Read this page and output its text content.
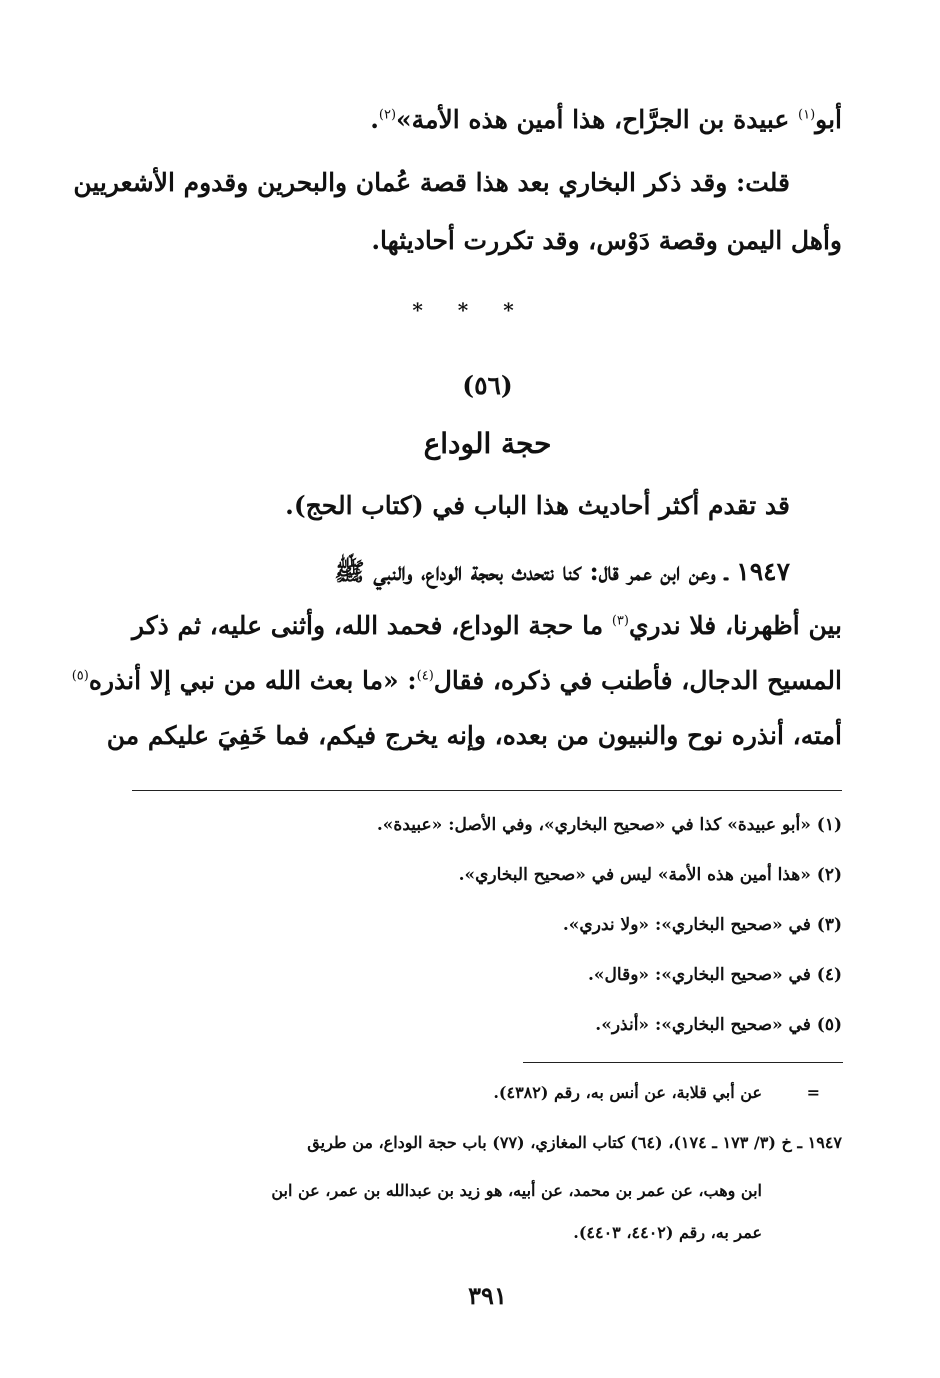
أبو$^{(١)}$ عبيدة بن الجرَّاح، هذا أمين هذه الأمة»$^{(٢)}$.
قلت: وقد ذكر البخاري بعد هذا قصة عُمان والبحرين وقدوم الأشعريين
وأهل اليمن وقصة دَوْس، وقد تكررت أحاديثها.
* * *
(٥٦)
حجة الوداع
قد تقدم أكثر أحاديث هذا الباب في (كتاب الحج).
١٩٤٧ ـ وعن ابن عمر قال: كنا نتحدث بحجة الوداع، والنبي ﷺ
بين أظهرنا، فلا ندري$^{(٣)}$ ما حجة الوداع، فحمد الله، وأثنى عليه، ثم ذكر
المسيح الدجال، فأطنب في ذكره، فقال$^{(٤)}$: «ما بعث الله من نبي إلا أنذره$^{(٥)}$
أمته، أنذره نوح والنبيون من بعده، وإنه يخرج فيكم، فما خَفِيَ عليكم من
(١) «أبو عبيدة» كذا في «صحيح البخاري»، وفي الأصل: «عبيدة».
(٢) «هذا أمين هذه الأمة» ليس في «صحيح البخاري».
(٣) في «صحيح البخاري»: «ولا ندري».
(٤) في «صحيح البخاري»: «وقال».
(٥) في «صحيح البخاري»: «أنذر».
=
عن أبي قلابة، عن أنس به، رقم (٤٣٨٢).
١٩٤٧ ـ خ (٣/ ١٧٣ ـ ١٧٤)، (٦٤) كتاب المغازي، (٧٧) باب حجة الوداع، من طريق
ابن وهب، عن عمر بن محمد، عن أبيه، هو زيد بن عبدالله بن عمر، عن ابن
عمر به، رقم (٤٤٠٢، ٤٤٠٣).
٣٩١
